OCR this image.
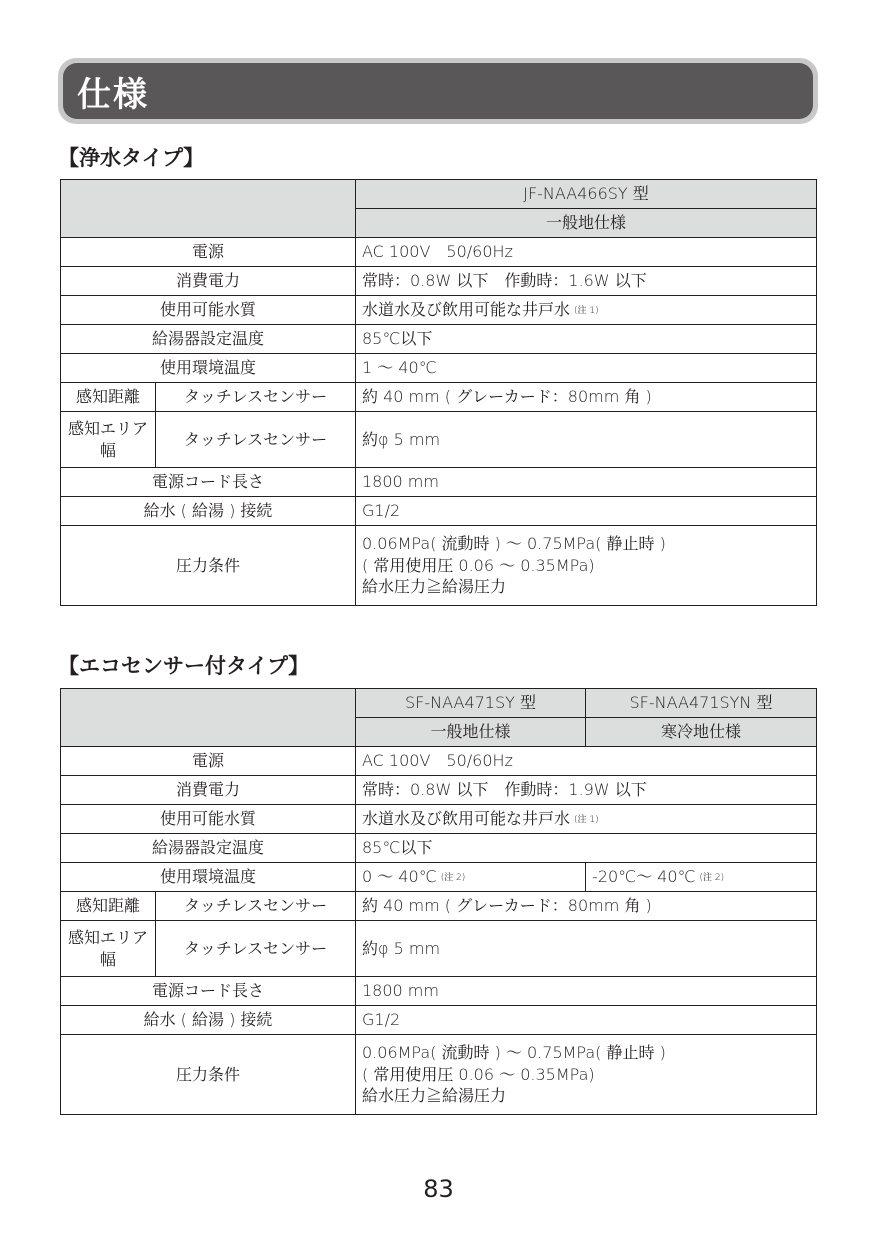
仕様
【浄水タイプ】
		JF-NAA466SY 型
		一般地仕様
電源		AC 100V　50/60Hz
消費電力		常時：0.8W 以下　作動時：1.6W 以下
使用可能水質		水道水及び飲用可能な井戸水 (注 1)
給湯器設定温度		85℃以下
使用環境温度		1 ～ 40℃
感知距離	タッチレスセンサー	約 40 mm ( グレーカード：80mm 角 )
感知エリア幅	タッチレスセンサー	約φ 5 mm
電源コード長さ		1800 mm
給水 ( 給湯 ) 接続		G1/2
圧力条件		0.06MPa( 流動時 ) ～ 0.75MPa( 静止時 )
( 常用使用圧 0.06 ～ 0.35MPa)
給水圧力≧給湯圧力
【エコセンサー付タイプ】
		SF-NAA471SY 型	SF-NAA471SYN 型
		一般地仕様	寒冷地仕様
電源		AC 100V　50/60Hz	
消費電力		常時：0.8W 以下　作動時：1.9W 以下	
使用可能水質		水道水及び飲用可能な井戸水 (注 1)	
給湯器設定温度		85℃以下	
使用環境温度		0 ～ 40℃ (注 2)	-20℃～ 40℃ (注 2)
感知距離	タッチレスセンサー	約 40 mm ( グレーカード：80mm 角 )	
感知エリア幅	タッチレスセンサー	約φ 5 mm	
電源コード長さ		1800 mm	
給水 ( 給湯 ) 接続		G1/2	
圧力条件		0.06MPa( 流動時 ) ～ 0.75MPa( 静止時 )
( 常用使用圧 0.06 ～ 0.35MPa)
給水圧力≧給湯圧力	
83
